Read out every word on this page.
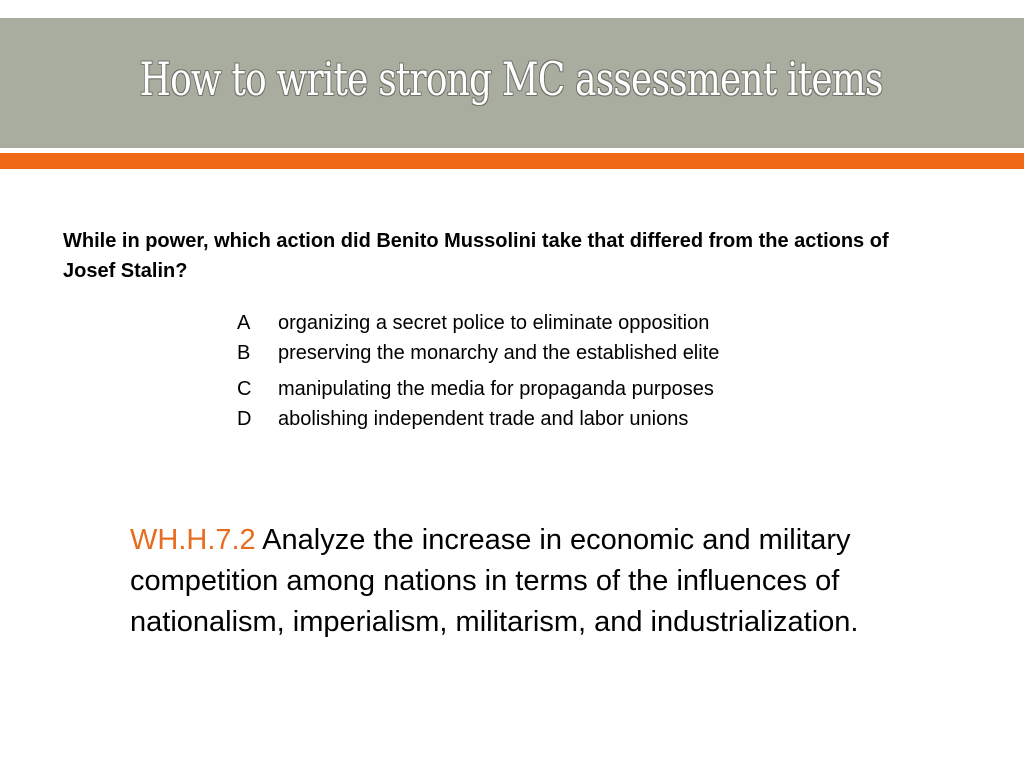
How to write strong MC assessment items
While in power, which action did Benito Mussolini take that differed from the actions of Josef Stalin?
A	organizing a secret police to eliminate opposition
B	preserving the monarchy and the established elite
C	manipulating the media for propaganda purposes
D	abolishing independent trade and labor unions
WH.H.7.2 Analyze the increase in economic and military competition among nations in terms of the influences of nationalism, imperialism, militarism, and industrialization.
